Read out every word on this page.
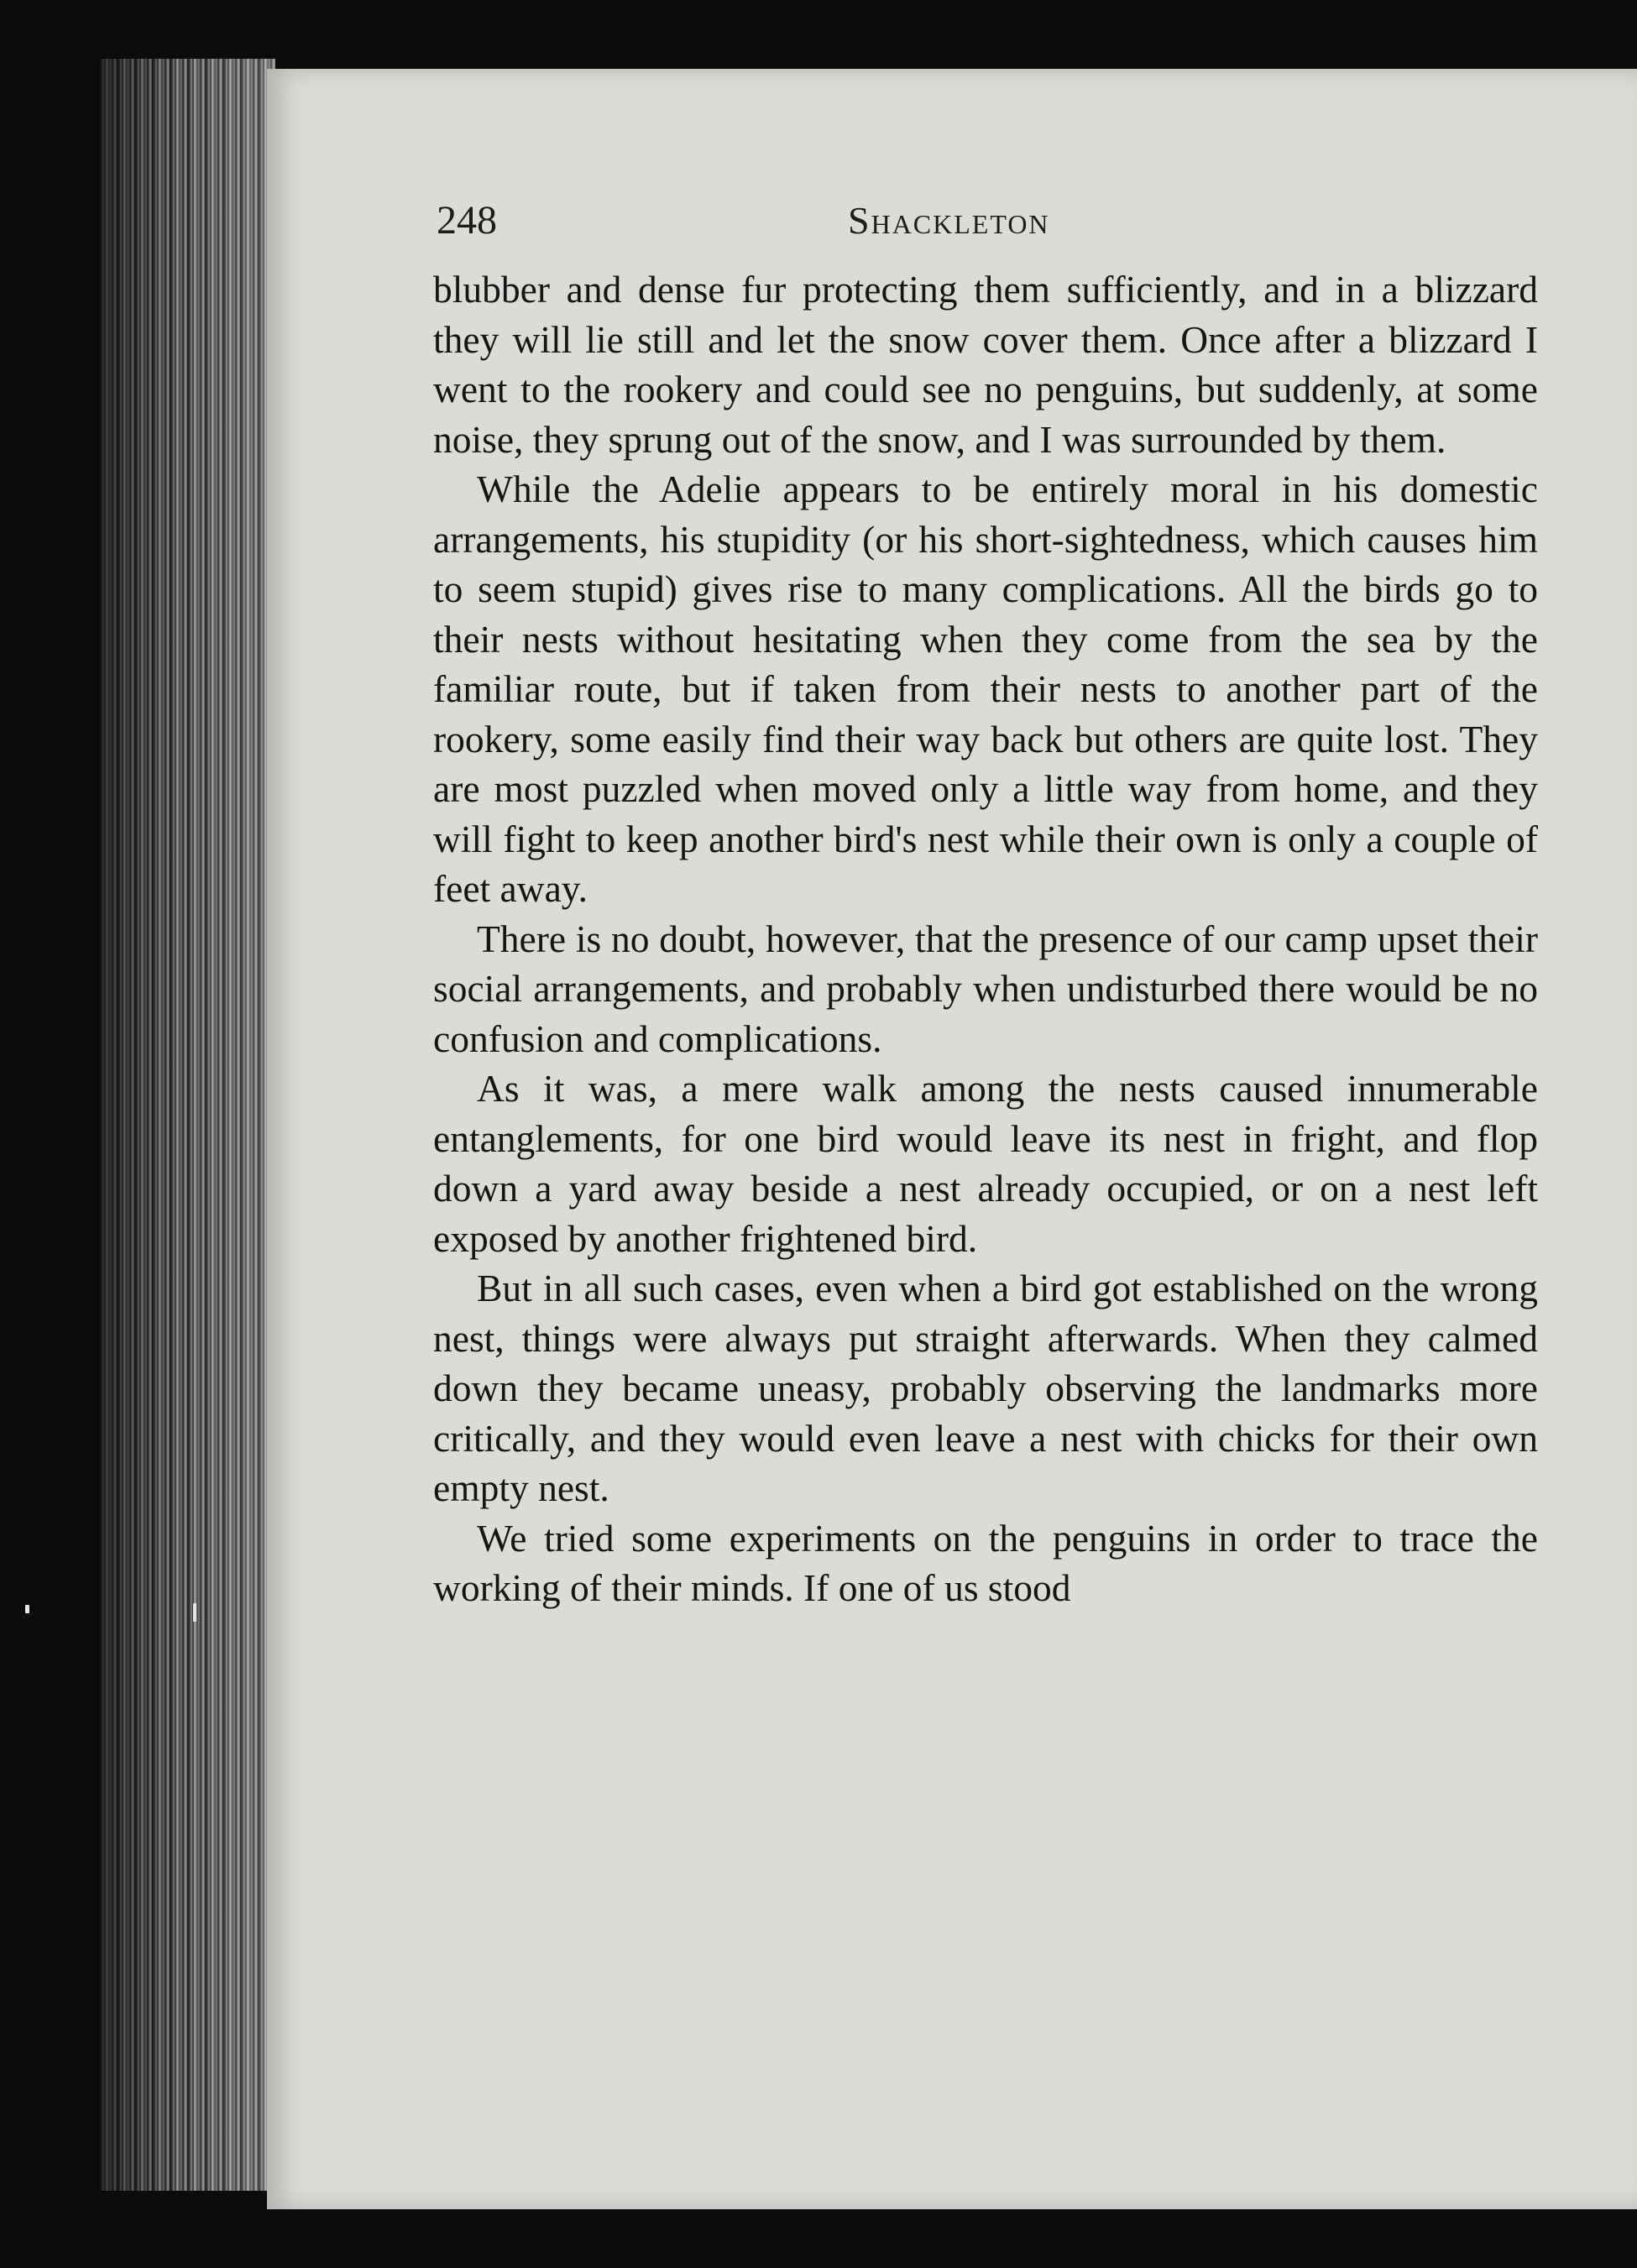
248	Shackleton

blubber and dense fur protecting them sufficiently, and in a blizzard they will lie still and let the snow cover them. Once after a blizzard I went to the rookery and could see no penguins, but suddenly, at some noise, they sprung out of the snow, and I was surrounded by them.

While the Adelie appears to be entirely moral in his domestic arrangements, his stupidity (or his short-sightedness, which causes him to seem stupid) gives rise to many complications. All the birds go to their nests without hesitating when they come from the sea by the familiar route, but if taken from their nests to another part of the rookery, some easily find their way back but others are quite lost. They are most puzzled when moved only a little way from home, and they will fight to keep another bird's nest while their own is only a couple of feet away.

There is no doubt, however, that the presence of our camp upset their social arrangements, and probably when undisturbed there would be no confusion and complications.

As it was, a mere walk among the nests caused innumerable entanglements, for one bird would leave its nest in fright, and flop down a yard away beside a nest already occupied, or on a nest left exposed by another frightened bird.

But in all such cases, even when a bird got established on the wrong nest, things were always put straight afterwards. When they calmed down they became uneasy, probably observing the landmarks more critically, and they would even leave a nest with chicks for their own empty nest.

We tried some experiments on the penguins in order to trace the working of their minds. If one of us stood
